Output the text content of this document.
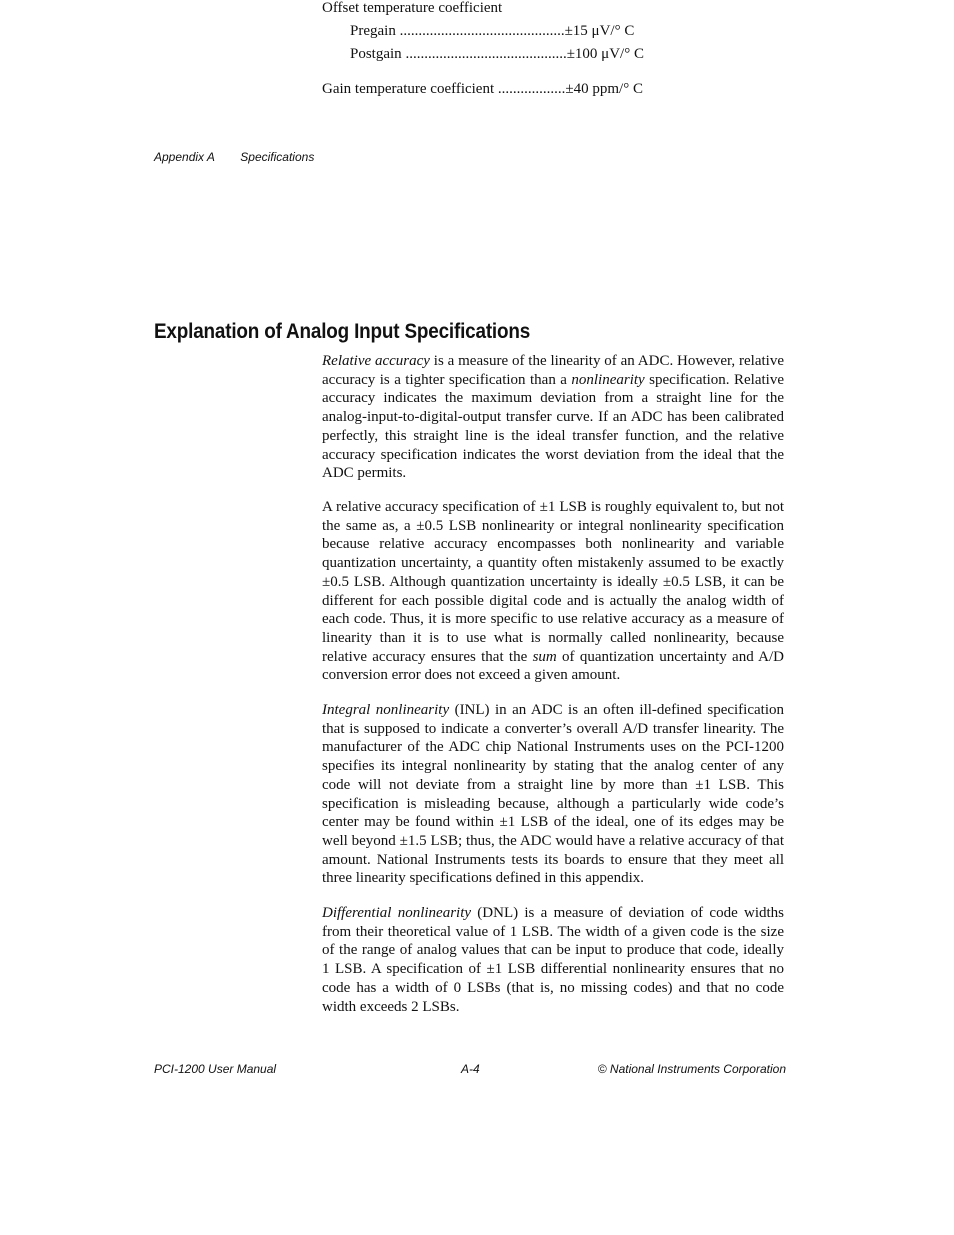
Appendix A Specifications
Offset temperature coefficient
Pregain ............................................±15 μV/° C
Postgain ...........................................±100 μV/° C
Gain temperature coefficient ..................±40 ppm/° C
Explanation of Analog Input Specifications

Relative accuracy is a measure of the linearity of an ADC. However, relative accuracy is a tighter specification than a nonlinearity specification. Relative accuracy indicates the maximum deviation from a straight line for the analog-input-to-digital-output transfer curve. If an ADC has been calibrated perfectly, this straight line is the ideal transfer function, and the relative accuracy specification indicates the worst deviation from the ideal that the ADC permits.

A relative accuracy specification of ±1 LSB is roughly equivalent to, but not the same as, a ±0.5 LSB nonlinearity or integral nonlinearity specification because relative accuracy encompasses both nonlinearity and variable quantization uncertainty, a quantity often mistakenly assumed to be exactly ±0.5 LSB. Although quantization uncertainty is ideally ±0.5 LSB, it can be different for each possible digital code and is actually the analog width of each code. Thus, it is more specific to use relative accuracy as a measure of linearity than it is to use what is normally called nonlinearity, because relative accuracy ensures that the sum of quantization uncertainty and A/D conversion error does not exceed a given amount.

Integral nonlinearity (INL) in an ADC is an often ill-defined specification that is supposed to indicate a converter’s overall A/D transfer linearity. The manufacturer of the ADC chip National Instruments uses on the PCI-1200 specifies its integral nonlinearity by stating that the analog center of any code will not deviate from a straight line by more than ±1 LSB. This specification is misleading because, although a particularly wide code’s center may be found within ±1 LSB of the ideal, one of its edges may be well beyond ±1.5 LSB; thus, the ADC would have a relative accuracy of that amount. National Instruments tests its boards to ensure that they meet all three linearity specifications defined in this appendix.

Differential nonlinearity (DNL) is a measure of deviation of code widths from their theoretical value of 1 LSB. The width of a given code is the size of the range of analog values that can be input to produce that code, ideally 1 LSB. A specification of ±1 LSB differential nonlinearity ensures that no code has a width of 0 LSBs (that is, no missing codes) and that no code width exceeds 2 LSBs.

PCI-1200 User Manual	A-4	© National Instruments Corporation
